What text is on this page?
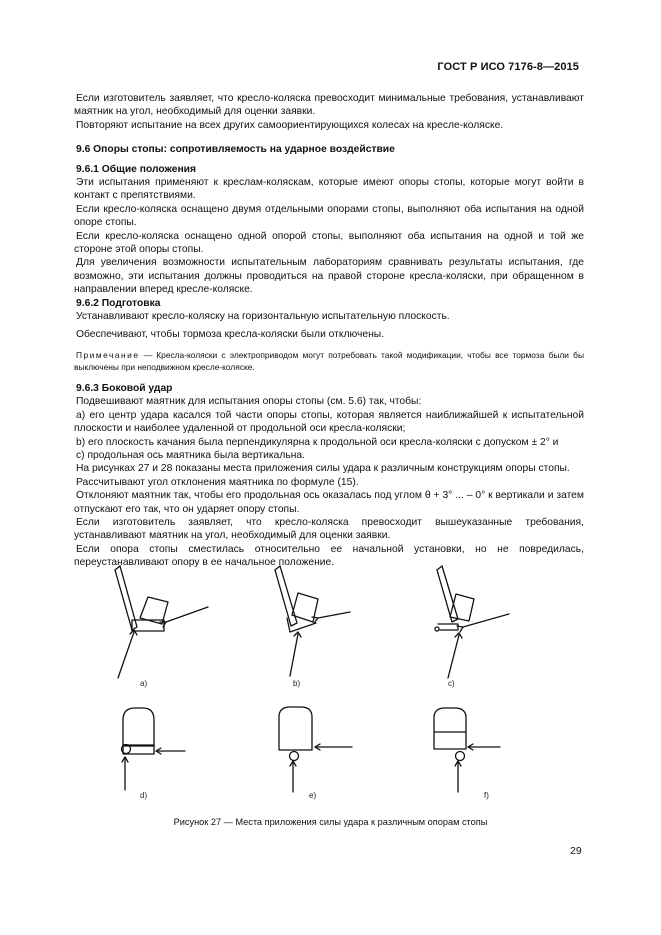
ГОСТ Р ИСО 7176-8—2015

Если изготовитель заявляет, что кресло-коляска превосходит минимальные требования, устанавливают маятник на угол, необходимый для оценки заявки.

Повторяют испытание на всех других самоориентирующихся колесах на кресле-коляске.

9.6 Опоры стопы: сопротивляемость на ударное воздействие

9.6.1 Общие положения

Эти испытания применяют к креслам-коляскам, которые имеют опоры стопы, которые могут войти в контакт с препятствиями.

Если кресло-коляска оснащено двумя отдельными опорами стопы, выполняют оба испытания на одной опоре стопы.

Если кресло-коляска оснащено одной опорой стопы, выполняют оба испытания на одной и той же стороне этой опоры стопы.

Для увеличения возможности испытательным лабораториям сравнивать результаты испытания, где возможно, эти испытания должны проводиться на правой стороне кресла-коляски, при обращенном в направлении вперед кресле-коляске.

9.6.2 Подготовка

Устанавливают кресло-коляску на горизонтальную испытательную плоскость.

Обеспечивают, чтобы тормоза кресла-коляски были отключены.

Примечание — Кресла-коляски с электроприводом могут потребовать такой модификации, чтобы все тормоза были бы выключены при неподвижном кресле-коляске.

9.6.3 Боковой удар

Подвешивают маятник для испытания опоры стопы (см. 5.6) так, чтобы:

а) его центр удара касался той части опоры стопы, которая является наиближайшей к испытательной плоскости и наиболее удаленной от продольной оси кресла-коляски;

b) его плоскость качания была перпендикулярна к продольной оси кресла-коляски с допуском ± 2° и

с) продольная ось маятника была вертикальна.

На рисунках 27 и 28 показаны места приложения силы удара к различным конструкциям опоры стопы.

Рассчитывают угол отклонения маятника по формуле (15).

Отклоняют маятник так, чтобы его продольная ось оказалась под углом θ + 3° ... – 0° к вертикали и затем отпускают его так, что он ударяет опору стопы.

Если изготовитель заявляет, что кресло-коляска превосходит вышеуказанные требования, устанавливают маятник на угол, необходимый для оценки заявки.

Если опора стопы сместилась относительно ее начальной установки, но не повредилась, переустанавливают опору в ее начальное положение.

a)	b)	c)
d)	e)	f)
Рисунок 27 — Места приложения силы удара к различным опорам стопы
29
